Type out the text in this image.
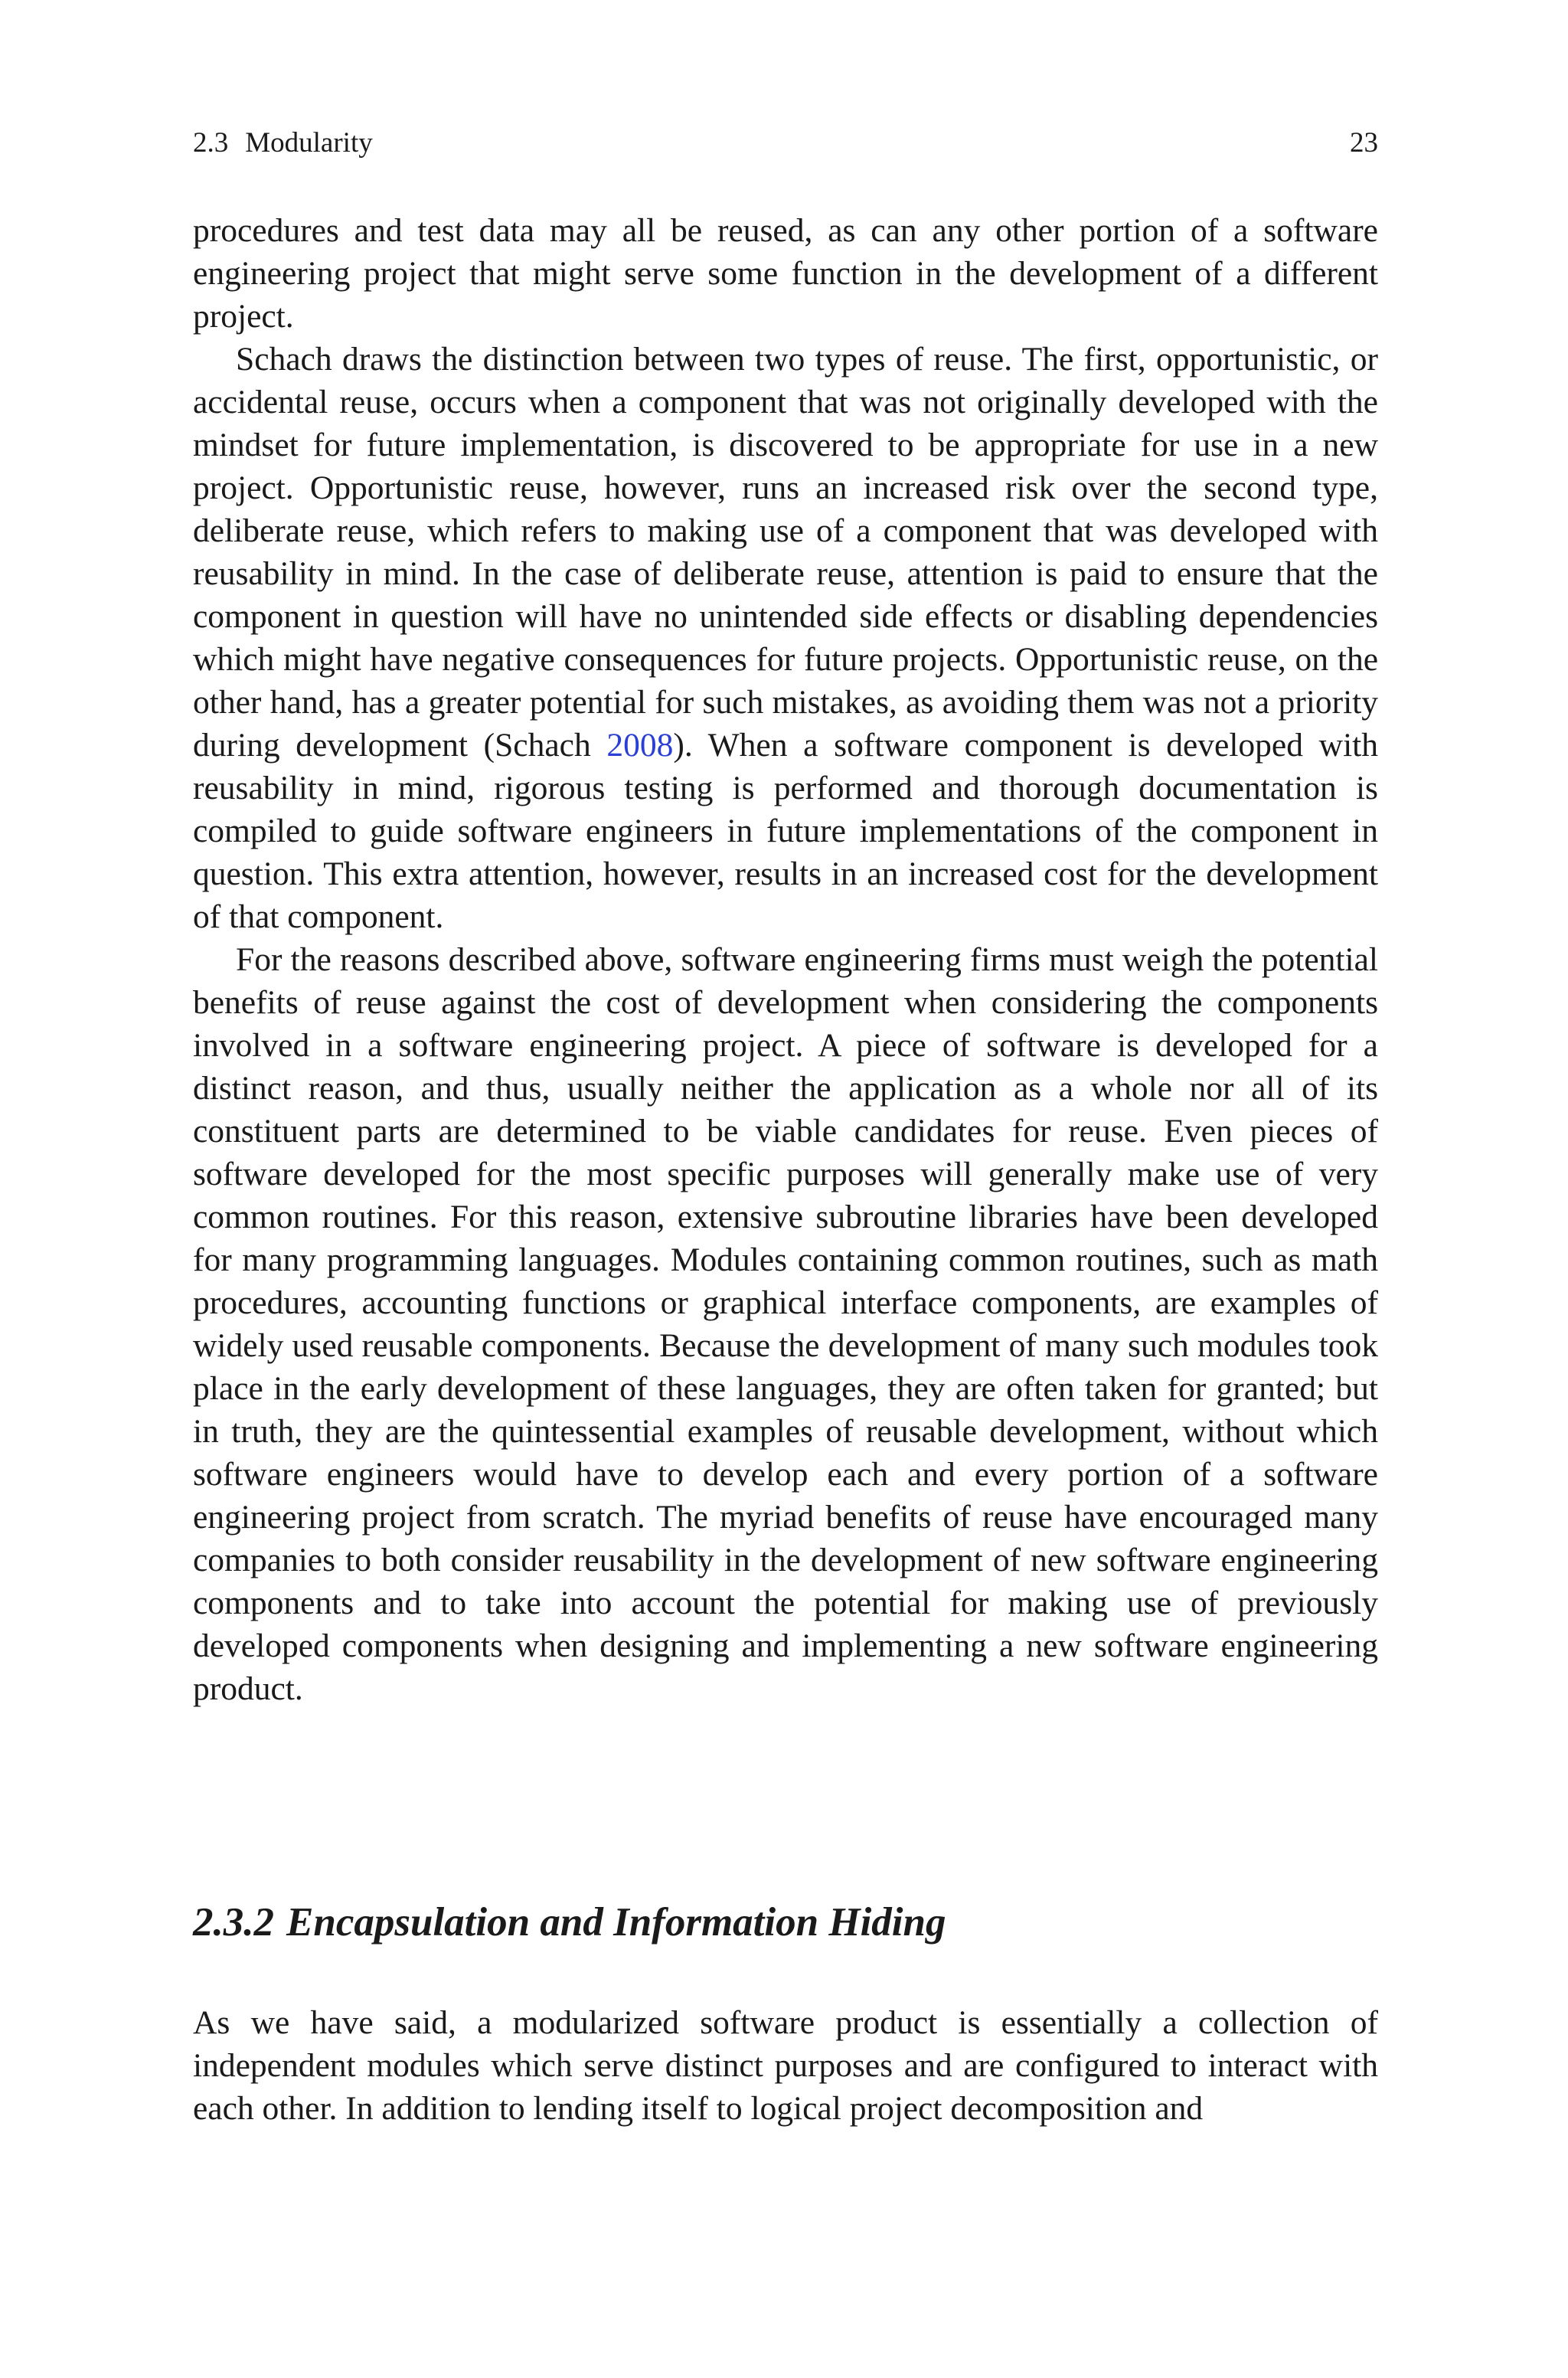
2.3 Modularity	23

procedures and test data may all be reused, as can any other portion of a software engineering project that might serve some function in the development of a different project.

Schach draws the distinction between two types of reuse. The first, opportunistic, or accidental reuse, occurs when a component that was not originally developed with the mindset for future implementation, is discovered to be appropriate for use in a new project. Opportunistic reuse, however, runs an increased risk over the second type, deliberate reuse, which refers to making use of a component that was developed with reusability in mind. In the case of deliberate reuse, attention is paid to ensure that the component in question will have no unintended side effects or disabling dependencies which might have negative consequences for future projects. Opportunistic reuse, on the other hand, has a greater potential for such mistakes, as avoiding them was not a priority during development (Schach 2008). When a software component is developed with reusability in mind, rigorous testing is performed and thorough documentation is compiled to guide software engineers in future implementations of the component in question. This extra attention, however, results in an increased cost for the development of that component.

For the reasons described above, software engineering firms must weigh the potential benefits of reuse against the cost of development when considering the components involved in a software engineering project. A piece of software is developed for a distinct reason, and thus, usually neither the application as a whole nor all of its constituent parts are determined to be viable candidates for reuse. Even pieces of software developed for the most specific purposes will generally make use of very common routines. For this reason, extensive subroutine libraries have been developed for many programming languages. Modules containing common routines, such as math procedures, accounting functions or graphical interface components, are examples of widely used reusable components. Because the development of many such modules took place in the early development of these languages, they are often taken for granted; but in truth, they are the quintessential examples of reusable development, without which software engineers would have to develop each and every portion of a software engineering project from scratch. The myriad benefits of reuse have encouraged many companies to both consider reusability in the development of new software engineering components and to take into account the potential for making use of previously developed components when designing and implementing a new software engineering product.

2.3.2 Encapsulation and Information Hiding

As we have said, a modularized software product is essentially a collection of independent modules which serve distinct purposes and are configured to interact with each other. In addition to lending itself to logical project decomposition and
